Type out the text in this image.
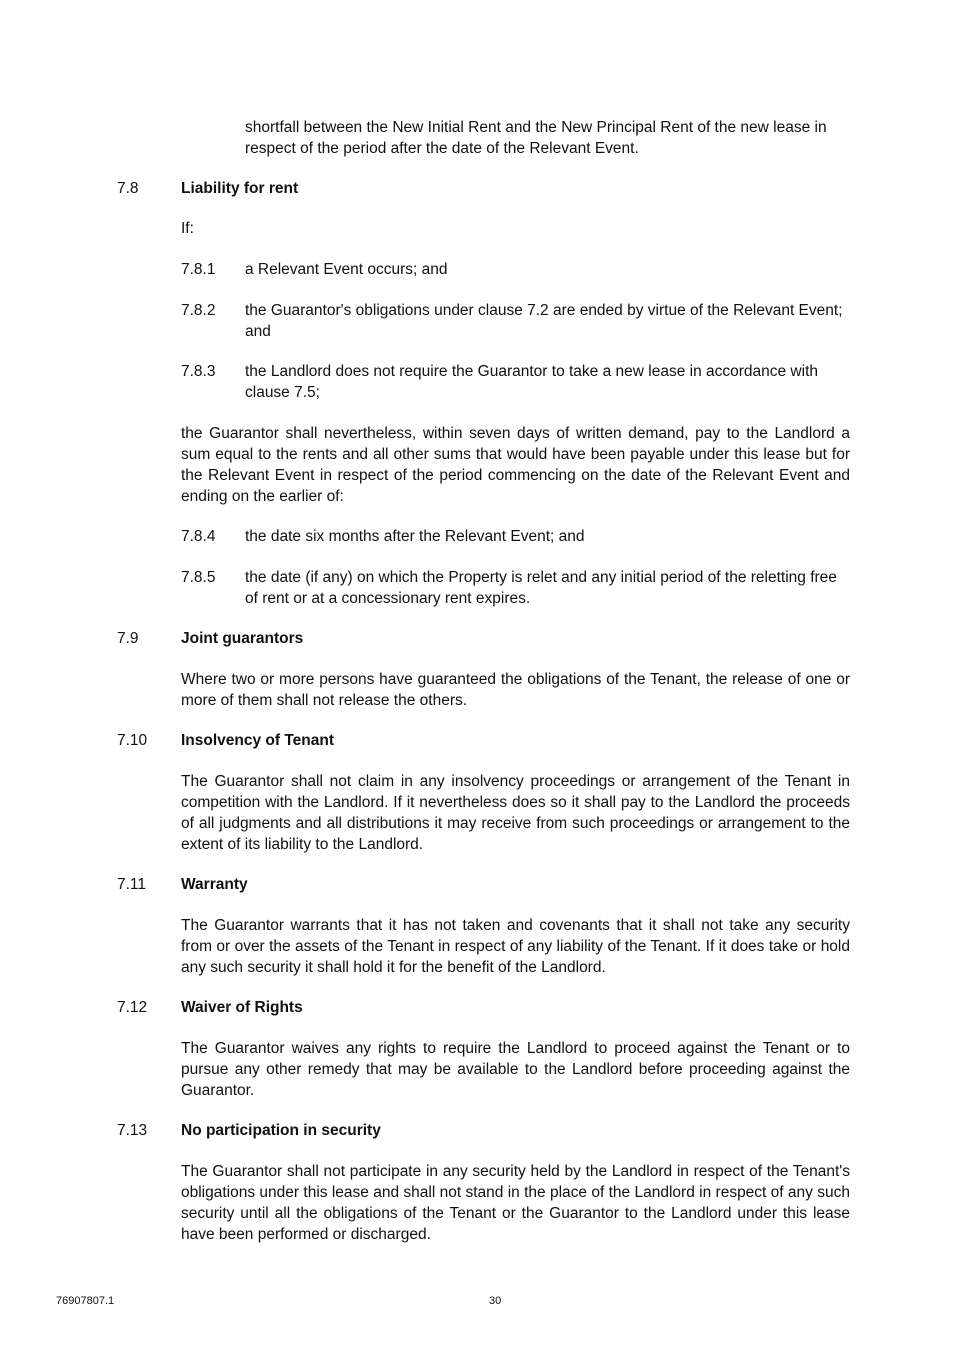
shortfall between the New Initial Rent and the New Principal Rent of the new lease in respect of the period after the date of the Relevant Event.

7.8	Liability for rent

If:

7.8.1 a Relevant Event occurs; and

7.8.2 the Guarantor's obligations under clause 7.2 are ended by virtue of the Relevant Event; and

7.8.3 the Landlord does not require the Guarantor to take a new lease in accordance with clause 7.5;

the Guarantor shall nevertheless, within seven days of written demand, pay to the Landlord a sum equal to the rents and all other sums that would have been payable under this lease but for the Relevant Event in respect of the period commencing on the date of the Relevant Event and ending on the earlier of:

7.8.4 the date six months after the Relevant Event; and

7.8.5 the date (if any) on which the Property is relet and any initial period of the reletting free of rent or at a concessionary rent expires.

7.9	Joint guarantors

Where two or more persons have guaranteed the obligations of the Tenant, the release of one or more of them shall not release the others.

7.10 Insolvency of Tenant

The Guarantor shall not claim in any insolvency proceedings or arrangement of the Tenant in competition with the Landlord. If it nevertheless does so it shall pay to the Landlord the proceeds of all judgments and all distributions it may receive from such proceedings or arrangement to the extent of its liability to the Landlord.

7.11 Warranty

The Guarantor warrants that it has not taken and covenants that it shall not take any security from or over the assets of the Tenant in respect of any liability of the Tenant. If it does take or hold any such security it shall hold it for the benefit of the Landlord.

7.12 Waiver of Rights

The Guarantor waives any rights to require the Landlord to proceed against the Tenant or to pursue any other remedy that may be available to the Landlord before proceeding against the Guarantor.

7.13 No participation in security

The Guarantor shall not participate in any security held by the Landlord in respect of the Tenant's obligations under this lease and shall not stand in the place of the Landlord in respect of any such security until all the obligations of the Tenant or the Guarantor to the Landlord under this lease have been performed or discharged.

76907807.1	30
